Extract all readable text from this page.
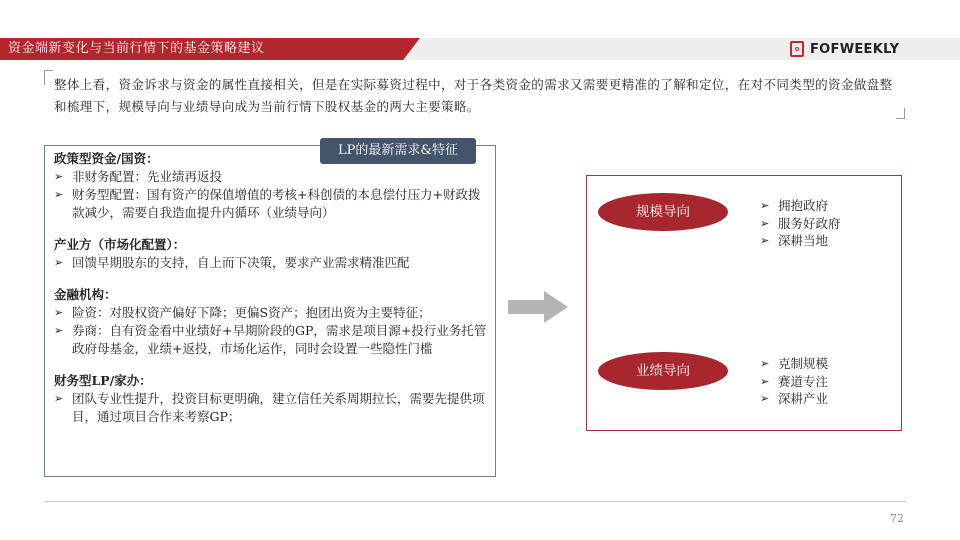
资金端新变化与当前行情下的基金策略建议	FOFWEEKLY
整体上看，资金诉求与资金的属性直接相关，但是在实际募资过程中，对于各类资金的需求又需要更精准的了解和定位，在对不同类型的资金做盘整和梳理下，规模导向与业绩导向成为当前行情下股权基金的两大主要策略。
政策型资金/国资：
➢ 非财务配置：先业绩再返投
➢ 财务型配置：国有资产的保值增值的考核+科创债的本息偿付压力+财政拨款减少，需要自我造血提升内循环（业绩导向）
产业方（市场化配置）：
➢ 回馈早期股东的支持，自上而下决策，要求产业需求精准匹配
金融机构：
➢ 险资：对股权资产偏好下降；更偏S资产；抱团出资为主要特征；
➢ 券商：自有资金看中业绩好+早期阶段的GP，需求是项目源+投行业务托管政府母基金，业绩+返投，市场化运作，同时会设置一些隐性门槛
财务型LP/家办：
➢ 团队专业性提升，投资目标更明确，建立信任关系周期拉长，需要先提供项目，通过项目合作来考察GP；
LP的最新需求&特征
规模导向	➢ 拥抱政府
➢ 服务好政府
➢ 深耕当地
业绩导向	➢ 克制规模
➢ 赛道专注
➢ 深耕产业
72
